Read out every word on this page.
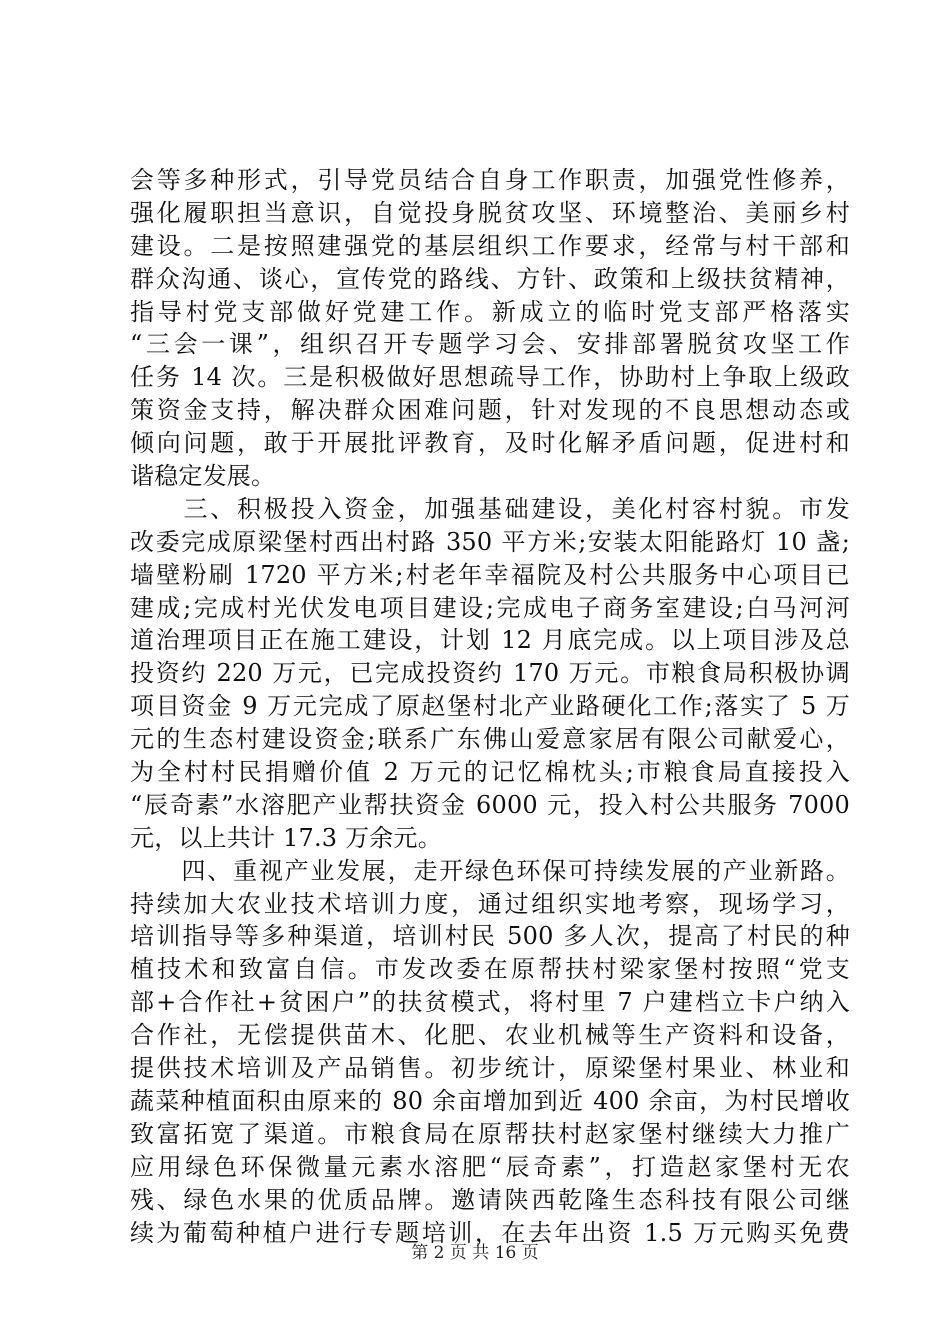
会等多种形式，引导党员结合自身工作职责，加强党性修养，
强化履职担当意识，自觉投身脱贫攻坚、环境整治、美丽乡村
建设。二是按照建强党的基层组织工作要求，经常与村干部和
群众沟通、谈心，宣传党的路线、方针、政策和上级扶贫精神，
指导村党支部做好党建工作。新成立的临时党支部严格落实
“三会一课”，组织召开专题学习会、安排部署脱贫攻坚工作
任务 14 次。三是积极做好思想疏导工作，协助村上争取上级政
策资金支持，解决群众困难问题，针对发现的不良思想动态或
倾向问题，敢于开展批评教育，及时化解矛盾问题，促进村和
谐稳定发展。
　　三、积极投入资金，加强基础建设，美化村容村貌。市发
改委完成原梁堡村西出村路 350 平方米;安装太阳能路灯 10 盏;
墙壁粉刷 1720 平方米;村老年幸福院及村公共服务中心项目已
建成;完成村光伏发电项目建设;完成电子商务室建设;白马河河
道治理项目正在施工建设，计划 12 月底完成。以上项目涉及总
投资约 220 万元，已完成投资约 170 万元。市粮食局积极协调
项目资金 9 万元完成了原赵堡村北产业路硬化工作;落实了 5 万
元的生态村建设资金;联系广东佛山爱意家居有限公司献爱心，
为全村村民捐赠价值 2 万元的记忆棉枕头;市粮食局直接投入
“辰奇素”水溶肥产业帮扶资金 6000 元，投入村公共服务 7000
元，以上共计 17.3 万余元。
　　四、重视产业发展，走开绿色环保可持续发展的产业新路。
持续加大农业技术培训力度，通过组织实地考察，现场学习，
培训指导等多种渠道，培训村民 500 多人次，提高了村民的种
植技术和致富自信。市发改委在原帮扶村梁家堡村按照“党支
部+合作社+贫困户”的扶贫模式，将村里 7 户建档立卡户纳入
合作社，无偿提供苗木、化肥、农业机械等生产资料和设备，
提供技术培训及产品销售。初步统计，原梁堡村果业、林业和
蔬菜种植面积由原来的 80 余亩增加到近 400 余亩，为村民增收
致富拓宽了渠道。市粮食局在原帮扶村赵家堡村继续大力推广
应用绿色环保微量元素水溶肥“辰奇素”，打造赵家堡村无农
残、绿色水果的优质品牌。邀请陕西乾隆生态科技有限公司继
续为葡萄种植户进行专题培训，在去年出资 1.5 万元购买免费
第 2 页 共 16 页
